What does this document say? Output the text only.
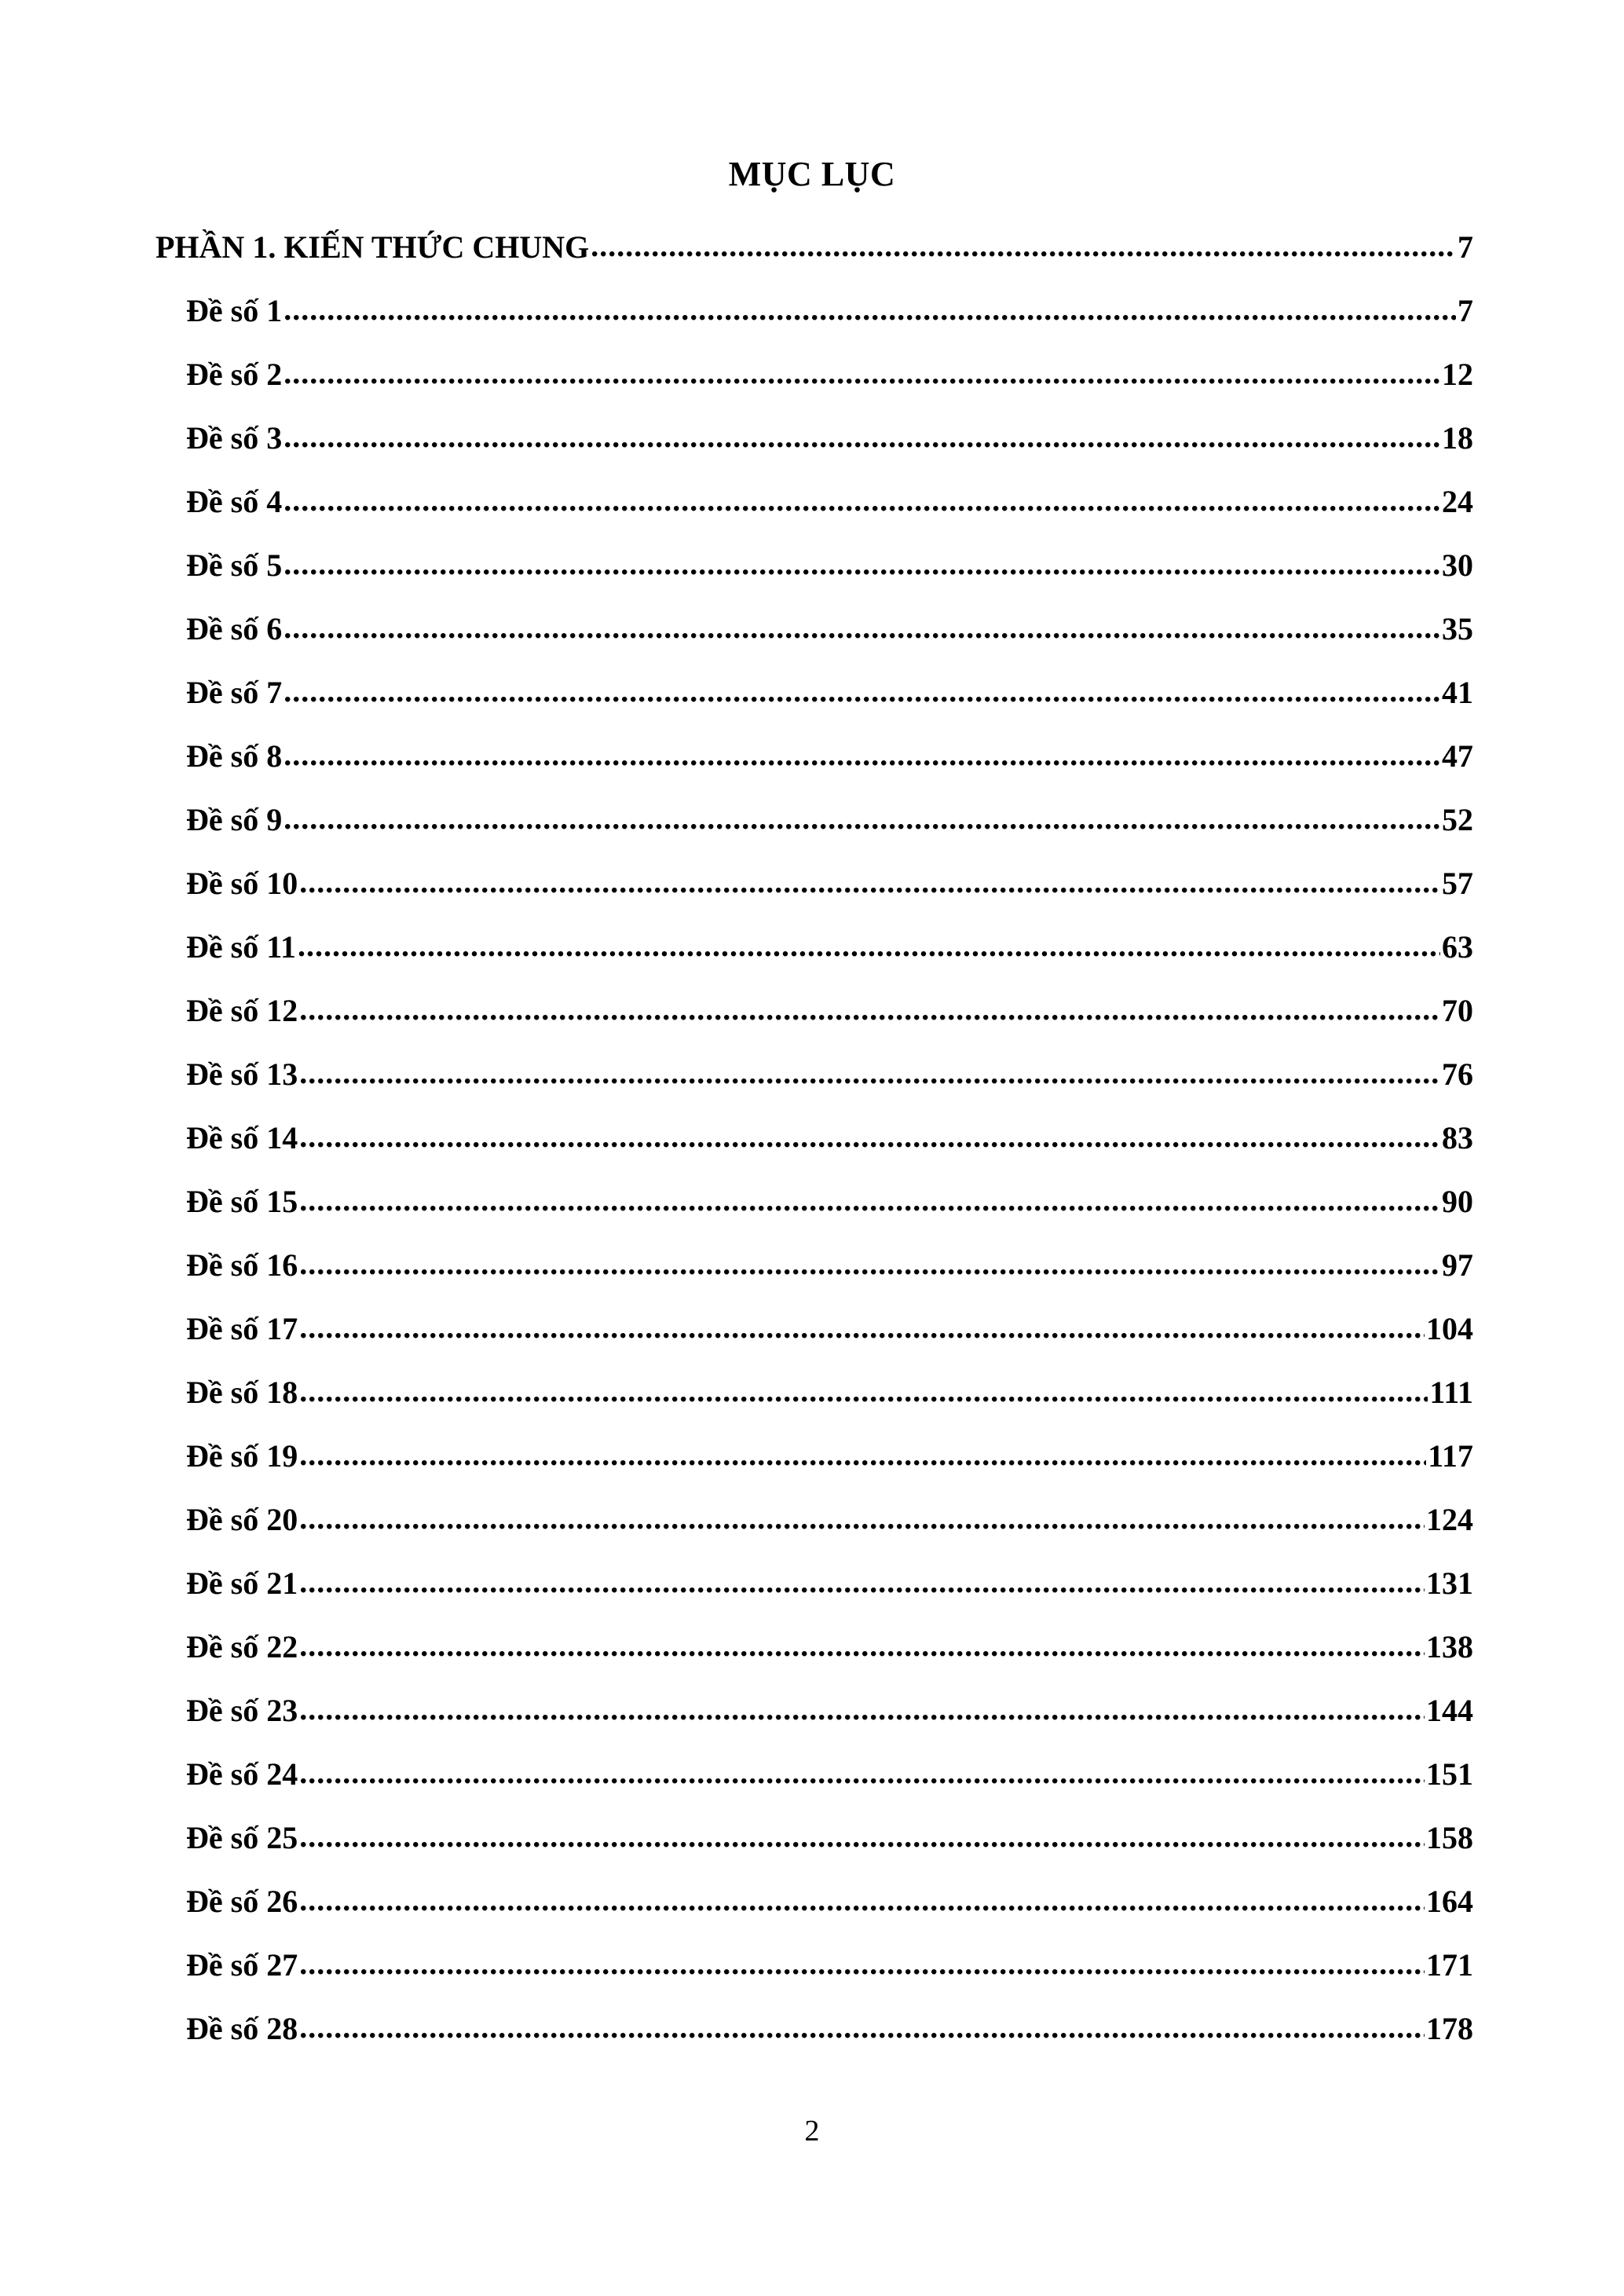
MỤC LỤC
PHẦN 1. KIẾN THỨC CHUNG .....	7
Đề số 1 .....	7
Đề số 2 .....	12
Đề số 3 .....	18
Đề số 4 .....	24
Đề số 5 .....	30
Đề số 6 .....	35
Đề số 7 .....	41
Đề số 8 .....	47
Đề số 9 .....	52
Đề số 10 .....	57
Đề số 11 .....	63
Đề số 12 .....	70
Đề số 13 .....	76
Đề số 14 .....	83
Đề số 15 .....	90
Đề số 16 .....	97
Đề số 17 .....	104
Đề số 18 .....	111
Đề số 19 .....	117
Đề số 20 .....	124
Đề số 21 .....	131
Đề số 22 .....	138
Đề số 23 .....	144
Đề số 24 .....	151
Đề số 25 .....	158
Đề số 26 .....	164
Đề số 27 .....	171
Đề số 28 .....	178
2
